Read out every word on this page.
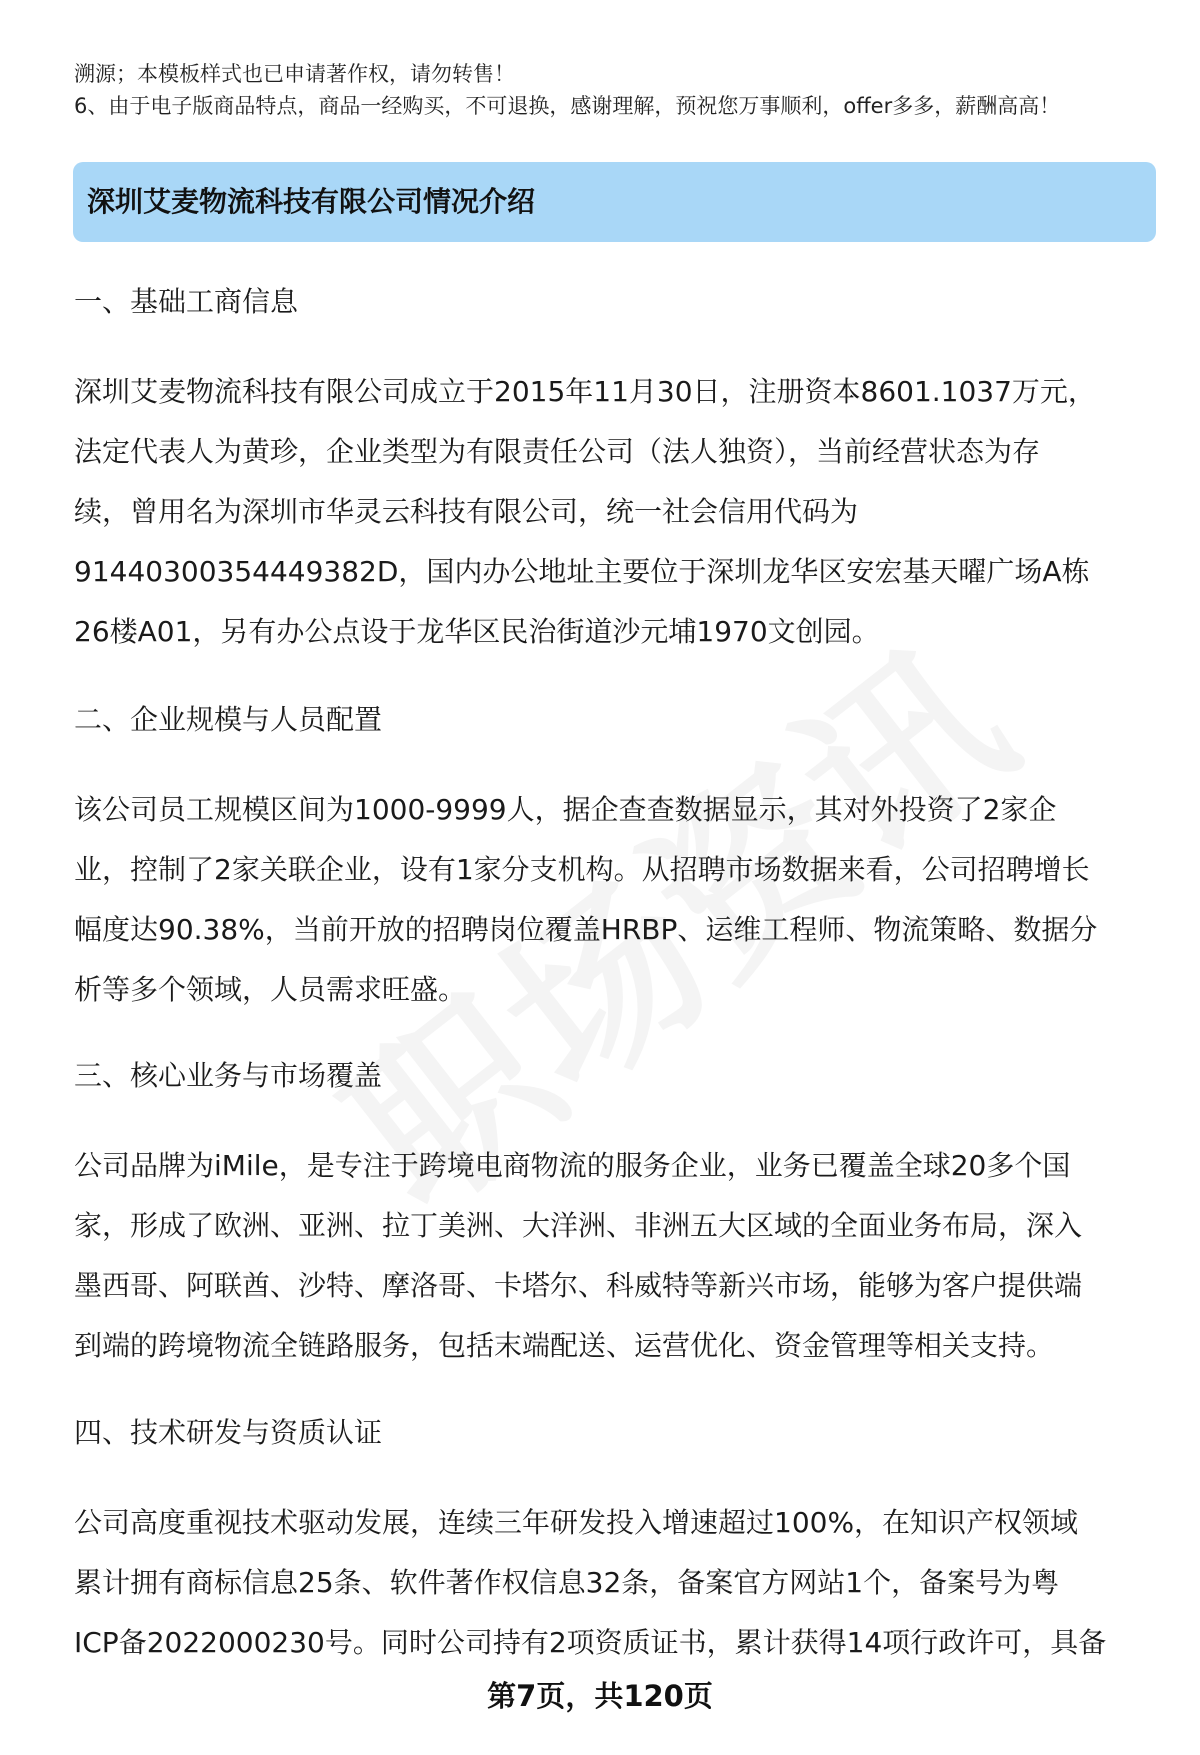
溯源；本模板样式也已申请著作权，请勿转售！
6、由于电子版商品特点，商品一经购买，不可退换，感谢理解，预祝您万事顺利，offer多多，薪酬高高！
深圳艾麦物流科技有限公司情况介绍
一、基础工商信息
深圳艾麦物流科技有限公司成立于2015年11月30日，注册资本8601.1037万元，
法定代表人为黄珍，企业类型为有限责任公司（法人独资），当前经营状态为存
续，曾用名为深圳市华灵云科技有限公司，统一社会信用代码为
91440300354449382D，国内办公地址主要位于深圳龙华区安宏基天曜广场A栋
26楼A01，另有办公点设于龙华区民治街道沙元埔1970文创园。
二、企业规模与人员配置
该公司员工规模区间为1000-9999人，据企查查数据显示，其对外投资了2家企
业，控制了2家关联企业，设有1家分支机构。从招聘市场数据来看，公司招聘增长
幅度达90.38%，当前开放的招聘岗位覆盖HRBP、运维工程师、物流策略、数据分
析等多个领域，人员需求旺盛。
三、核心业务与市场覆盖
公司品牌为iMile，是专注于跨境电商物流的服务企业，业务已覆盖全球20多个国
家，形成了欧洲、亚洲、拉丁美洲、大洋洲、非洲五大区域的全面业务布局，深入
墨西哥、阿联酋、沙特、摩洛哥、卡塔尔、科威特等新兴市场，能够为客户提供端
到端的跨境物流全链路服务，包括末端配送、运营优化、资金管理等相关支持。
四、技术研发与资质认证
公司高度重视技术驱动发展，连续三年研发投入增速超过100%，在知识产权领域
累计拥有商标信息25条、软件著作权信息32条，备案官方网站1个，备案号为粤
ICP备2022000230号。同时公司持有2项资质证书，累计获得14项行政许可，具备
第7页，共120页
